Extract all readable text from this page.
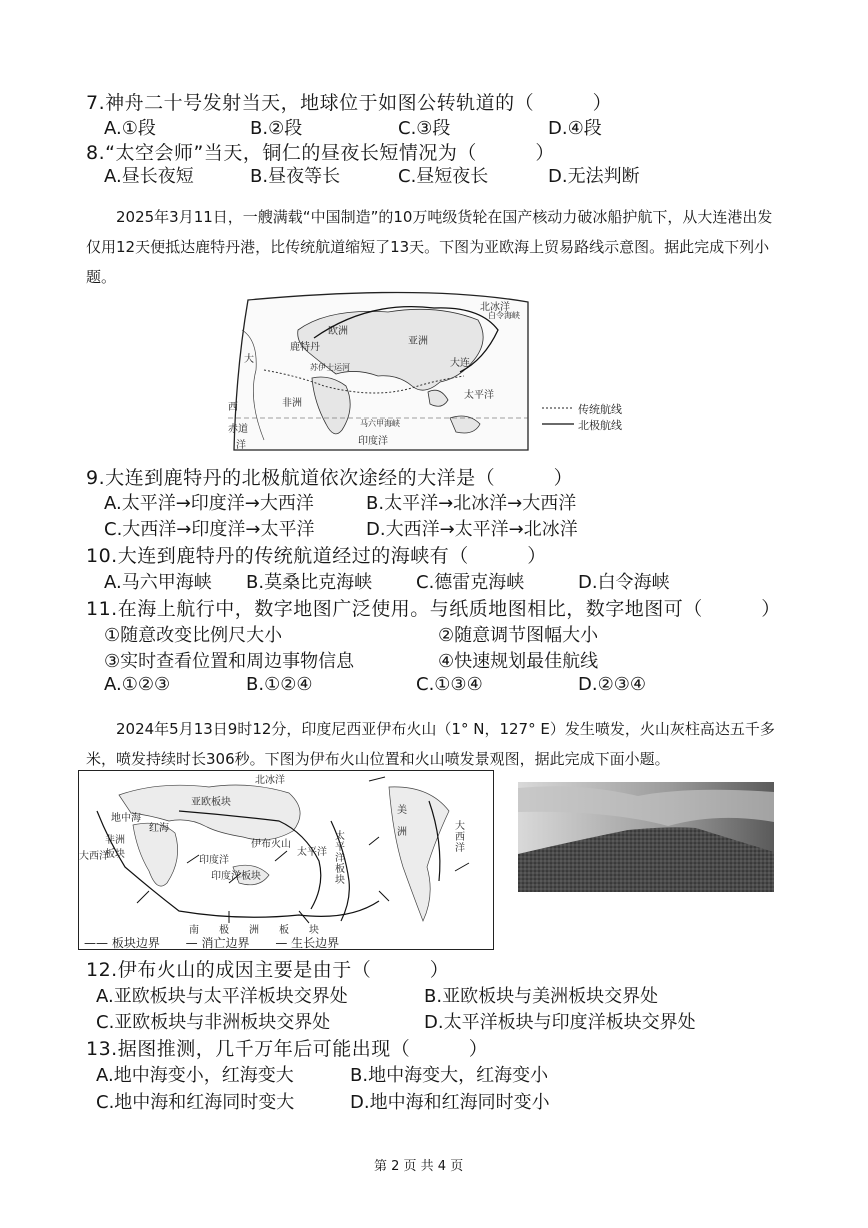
7.神舟二十号发射当天，地球位于如图公转轨道的（　　　）
A.①段	B.②段	C.③段	D.④段
8.“太空会师”当天，铜仁的昼夜长短情况为（　　　）
A.昼长夜短	B.昼夜等长	C.昼短夜长	D.无法判断
2025年3月11日，一艘满载“中国制造”的10万吨级货轮在国产核动力破冰船护航下，从大连港出发仅用12天便抵达鹿特丹港，比传统航道缩短了13天。下图为亚欧海上贸易路线示意图。据此完成下列小题。
北冰洋
白令海峡
欧洲
亚洲
鹿特丹
大连
苏伊士运河
太平洋
大
西
洋
非洲
马六甲海峡
印度洋
赤道
传统航线
北极航线
9.大连到鹿特丹的北极航道依次途经的大洋是（　　　）
A.太平洋→印度洋→大西洋	B.太平洋→北冰洋→大西洋
C.大西洋→印度洋→太平洋	D.大西洋→太平洋→北冰洋
10.大连到鹿特丹的传统航道经过的海峡有（　　　）
A.马六甲海峡 B.莫桑比克海峡 C.德雷克海峡	D.白令海峡
11.在海上航行中，数字地图广泛使用。与纸质地图相比，数字地图可（　　　）
①随意改变比例尺大小	②随意调节图幅大小
③实时查看位置和周边事物信息	④快速规划最佳航线
A.①②③	B.①②④	C.①③④	D.②③④
2024年5月13日9时12分，印度尼西亚伊布火山（1° N，127° E）发生喷发，火山灰柱高达五千多米，喷发持续时长306秒。下图为伊布火山位置和火山喷发景观图，据此完成下面小题。
北冰洋
亚欧板块
地中海
非洲
板块
红海
伊布火山
印度洋
印度洋板块
太平洋
太平洋板块
美
洲
大西洋
大西洋
南　　极　　洲　　板　　块
—— 板块边界 — 消亡边界 — 生长边界
12.伊布火山的成因主要是由于（　　　）
A.亚欧板块与太平洋板块交界处	B.亚欧板块与美洲板块交界处
C.亚欧板块与非洲板块交界处	D.太平洋板块与印度洋板块交界处
13.据图推测，几千万年后可能出现（　　　）
A.地中海变小，红海变大	B.地中海变大，红海变小
C.地中海和红海同时变大	D.地中海和红海同时变小
第 2 页 共 4 页
